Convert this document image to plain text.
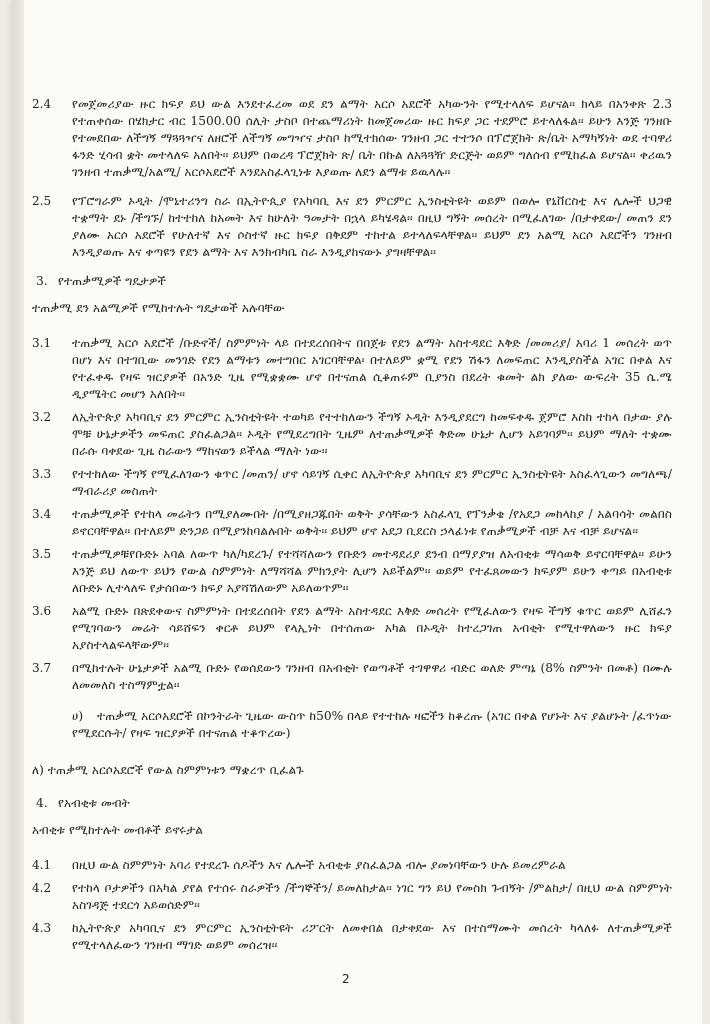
2.4 የመጀመሪያው ዙር ክፍያ ይህ ውል እንደተፈረመ ወደ ደን ልማት አርሶ አደሮች አካውንት የሚተላለፍ ይሆናል፡፡ ክላይ በአንቀጽ 2.3 የተጠቀሰው በሄክታር ብር 1500.00 ሰሊት ታስቦ በተጨማሪነት ከመጀመሪው ዙር ክፍያ ጋር ተደምሮ ይተላለፋል፡፡ ይሁን እንጅ ገንዘቡ የተመደበው ለችግኝ ማጓጓዣና ለዘሮች ለችግኝ መግዣና ታስቦ ከሚተክሰው ገንዘብ ጋር ተተንሶ በፕሮጀክት ጽ/ቤት አማካኝነት ወደ ተባዋሪ ፋንድ ሂሳብ ቋት መተላለፍ አለበት፡፡ ይህም በወረዳ ፕሮጀክት ጽ/ ቤት በኩል ለአጓጓዥ ድርጅት ወይም ግለሰብ የሚከፈል ይሆናል፡፡ ቀሪዉን ገንዘብ ተጠቃሚ/አልሚ/ አርሶአደሮች እንደአስፈላጊነቱ እያወጡ ለደን ልማቱ ይዉላሉ፡፡
2.5 የፕሮግራም ኦዲት /ሞኒተሪንግ ስራ በኢትዮጲያ የአካባቢ እና ደን ምርምር ኢንስቲትዩት ወይም በወሎ የኒቨርስቲ እና ሌሎች ህጋዊ ተቋማት ደኑ /ችግኙ/ ከተተከለ ከአመት እና ከሁለት ዓመታት በኋላ ይካሄዳል፡፡ በዚህ ግኝት መሰረት በሚፈለገው /በታቀደው/ መጠን ደን ያለሙ አርሶ አደሮች የሁለተኛ እና ሶስተኛ ዙር ክፍያ በቅደም ተከተል ይተላለፍላቸዋል፡፡ ይህም ደን አልሚ አርሶ አደሮችን ገንዘብ እንዲያወጡ እና ቀጣዩን የደን ልማት እና እንክብካቤ ስራ እንዲያከናውኑ ያግዛቸዋል፡፡
3. የተጠቃሚዎች ግዴታዎች
ተጠቃሚ ደን አልሚዎች የሚከተሉት ግዴታወች አሉባቸው
3.1 ተጠቃሚ አርሶ አደሮች /ቡድኖች/ ስምምነት ላይ በተደረሰበትና በበጀቱ የደን ልማት አስተዳደር እቅድ /መመሪያ/ አባሪ 1 መሰረት ወጥ በሆነ እና በተገቢው መንገድ የደን ልማቱን መተግበር አገርባቸዋል፡ በተለይም ቋሚ የደን ሽፋን ለመፍጠር እንዲያስችል አገር በቀል እና የተፈቀዱ የዛፍ ዝርያዎች በአንድ ጊዜ የሚቋቋሙ ሆኖ በተናጠል ሲቆጠሩም ቢያንስ በደረት ቁመት ልክ ያለው ውፍረት 35 ሴ.ሜ ዲያሜትር መሆን አለበት፡፡
3.2 ለኢትዮጵያ አካባቢና ደን ምርምር ኢንስቲትዩት ተወካይ የተተከለውን ችግኝ ኦዲት እንዲያደርግ ከመፍቀዱ ጀምሮ እስከ ተከላ በታው ያሉ ሞቹ ሁኔታዎችን መፍጠር ያስፈልጋል፡፡ ኦዲት የሚደረግበት ጊዜም ለተጠቃሚዎች ቅድመ ሁኔታ ሊሆን አይገባም፡፡ ይህም ማለት ተቋሙ በራሱ ባቀደው ጊዜ ስራውን ማከናወን ይችላል ማለት ነው፡፡
3.3 የተተከለው ችግኝ የሚፈለገውን ቁጥር /መጠን/ ሆኖ ሳይገኝ ሲቀር ለኢትዮጵያ አካባቢና ደን ምርምር ኢንስቲትዩት አስፈላጊውን መግለጫ/ማብራሪያ መስጠት
3.4 ተጠቃሚዎች የተከላ መሬትን በሚያለሙበት /በሚያዘጋጁበት ወቅት ያሳቸውን አስፈላጊ የፕንቃቄ /የአደጋ መከላከያ / አልባሳት መልበስ ይኖርባቸዋል፡፡ በተለይም ድንጋይ በሚያንከባልሉበት ወቅት፡፡ ይህም ሆኖ አደጋ ቢደርስ ኃላፊነቱ የጠቃሚዎች ብቻ እና ብቻ ይሆናል፡፡
3.5 ተጠቃሚዎቹየቡድኑ አባል ለውጥ ካለ/ካደረጉ/ የተሻሻለውን የቡድን መተዳደሪያ ደንብ በማያያዝ ለአብቂቱ ማሳወቅ ይኖርባቸዋል፡፡ ይሁን እንጅ ይህ ለውጥ ይህን የውል ስምምነት ለማሻሻል ምክንያት ሊሆን አይችልም፡፡ ወይም የተፈጸመውን ክፍያም ይሁን ቀጣይ በአብቂቱ ለቡድኑ ሊተላለፍ የታሰበውን ክፍያ አያሻሽለውም አይለወጥም፡፡
3.6 አልሚ ቡድኑ በጽደቀውና ስምምነት በተደረሰበት የደን ልማት አስተዳደር እቅድ መሰረት የሚፈለውን የዛፍ ችግኝ ቁጥር ወይም ሊሸፈን የሚገባውን መሬት ሳይሸፍን ቀርቶ ይህም የላኢነት በተሰጠው አካል በኦዲት ከተረጋገጠ አብቂት የሚተዋለውን ዙር ክፍያ አያስተላልፍላቸውም፡፡
3.7 በሚከተሉት ሁኔታዎች አልሚ ቡድኑ የወሰደውን ገንዘብ በአብቂት የወጣቶች ተገዋዋሪ ብድር ወለድ ምጣኔ (8% ስምንት በመቶ) በሙሉ ለመመለስ ተስማምቷል፡፡
ሀ) ተጠቃሚ አርሶአደሮች በኮንትራት ጊዜው ውስጥ ከ50% በላይ የተተከሉ ዛፎችን ከቆረጡ (አገር በቀል የሆኑት እና ያልሆኑት /ፈጥነው የሚደርሱት/ የዛፍ ዝርያዎች በተናጠል ተቆጥረው)
ለ) ተጠቃሚ አርሶአደሮች የውል ስምምነቱን ማቋረጥ ቢፈልጉ
4. የአብቂቱ መብት
አብቂቱ የሚከተሉት መብቶች ይኖሩታል
4.1 በዚህ ውል ስምምነት አባሪ የተደረጉ ሰዶችን እና ሌሎች አብቂቱ ያስፈልጋል ብሎ ያመነባቸውን ሁሉ ይመረምራል
4.2 የተከላ ቦታዎችን በአካል ያየል የተሰሩ ስራዎችን /ችግኞችን/ ይመለከታል፡፡ ነገር ግን ይህ የመስክ ጉብኝት /ምልከታ/ በዚህ ውል ስምምነት አስገዳጅ ተደርጎ አይወሰድም፡፡
4.3 ከኢትዮጵያ አካባቢና ደን ምርምር ኢንስቲትዩት ሪፖርት ለመቀበል በታቀደው እና በተስማሙት መሰረት ካላለፉ ለተጠቃሚዎች የሚተላለፈውን ገንዘብ ማገድ ወይም መሰረዝ፡፡
2
